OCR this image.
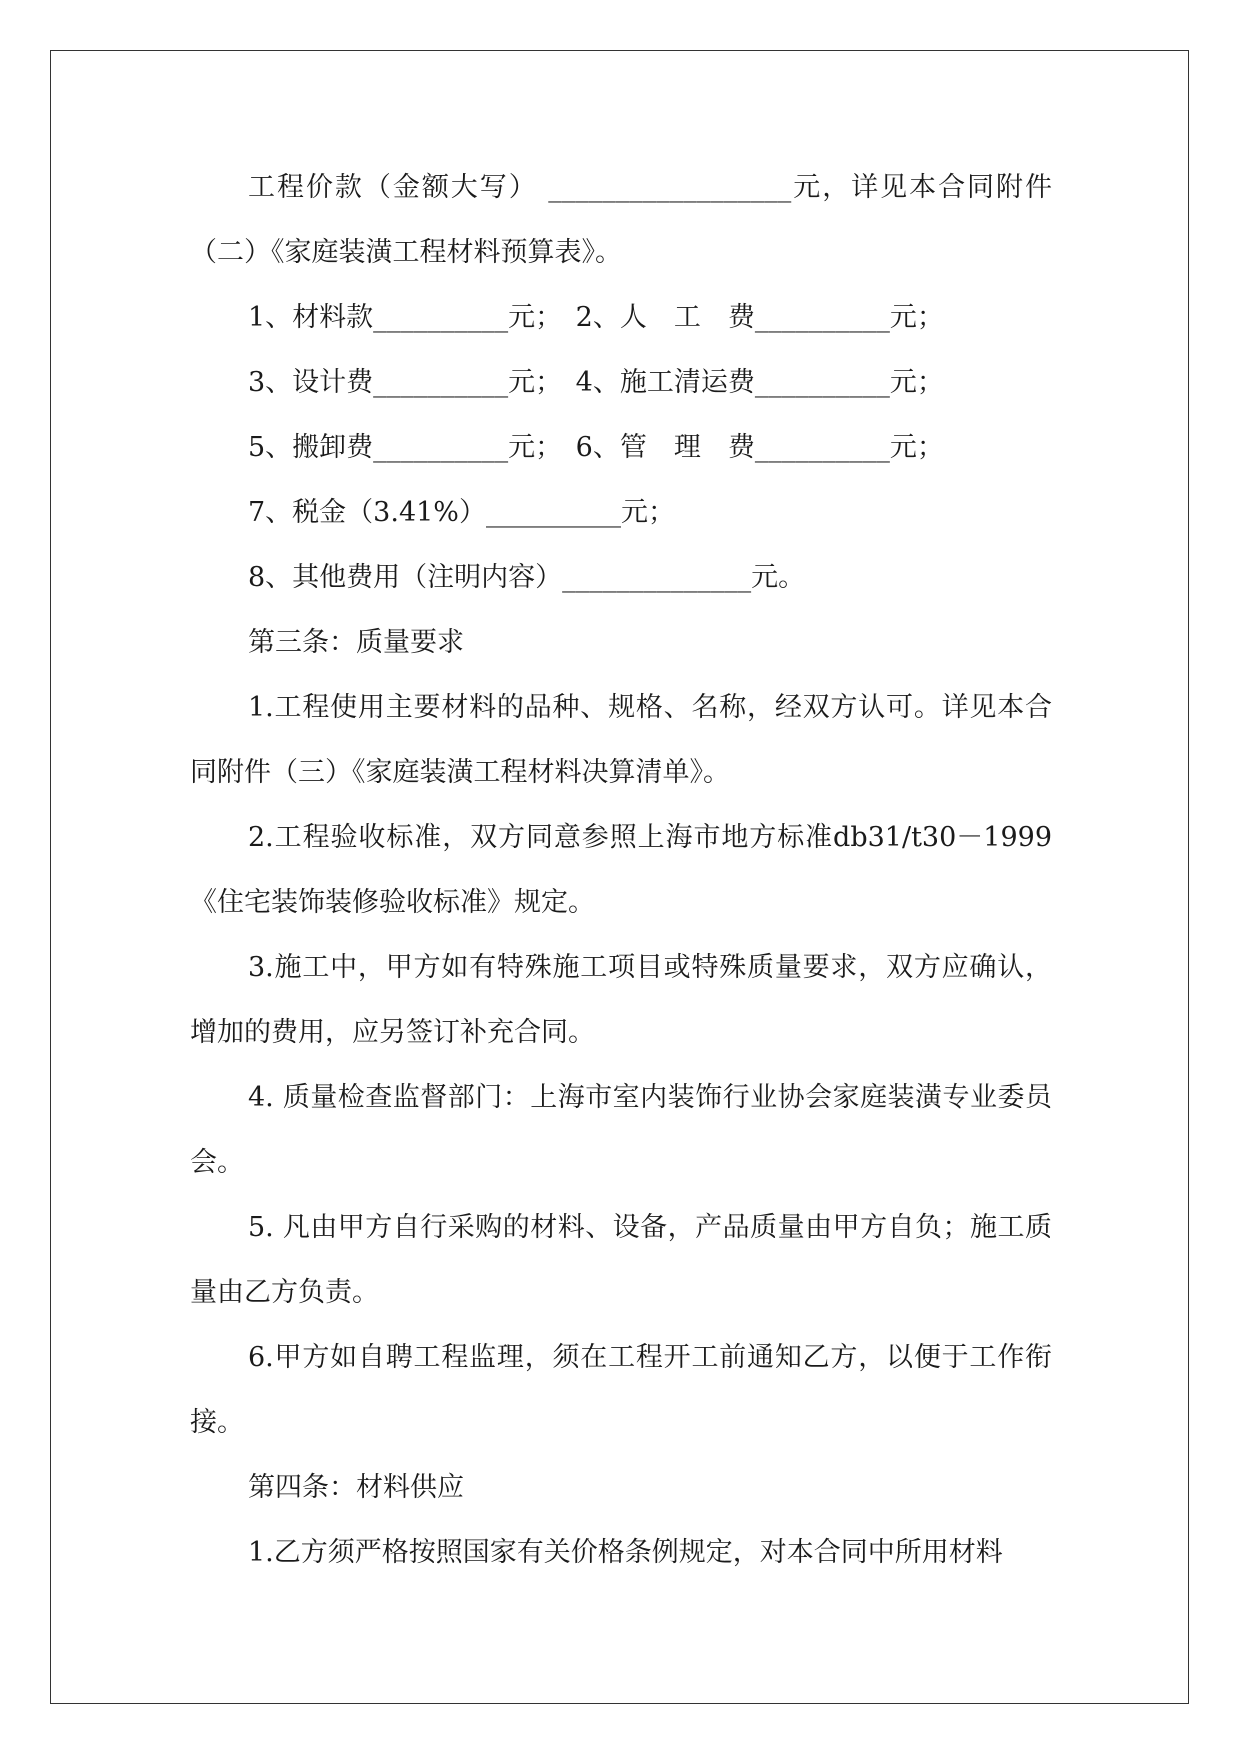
工程价款（金额大写） __________________元，详见本合同附件（二）《家庭装潢工程材料预算表》。

1、材料款__________元；　2、人　工　费__________元；
3、设计费__________元；　4、施工清运费__________元；
5、搬卸费__________元；　6、管　理　费__________元；
7、税金（3.41%）__________元；
8、其他费用（注明内容）______________元。
第三条：质量要求

1.工程使用主要材料的品种、规格、名称，经双方认可。详见本合同附件（三）《家庭装潢工程材料决算清单》。

2.工程验收标准，双方同意参照上海市地方标准db31/t30－1999《住宅装饰装修验收标准》规定。

3.施工中，甲方如有特殊施工项目或特殊质量要求，双方应确认，增加的费用，应另签订补充合同。

4. 质量检查监督部门：上海市室内装饰行业协会家庭装潢专业委员会。

5. 凡由甲方自行采购的材料、设备，产品质量由甲方自负；施工质量由乙方负责。

6.甲方如自聘工程监理，须在工程开工前通知乙方，以便于工作衔接。

第四条：材料供应
1.乙方须严格按照国家有关价格条例规定，对本合同中所用材料
